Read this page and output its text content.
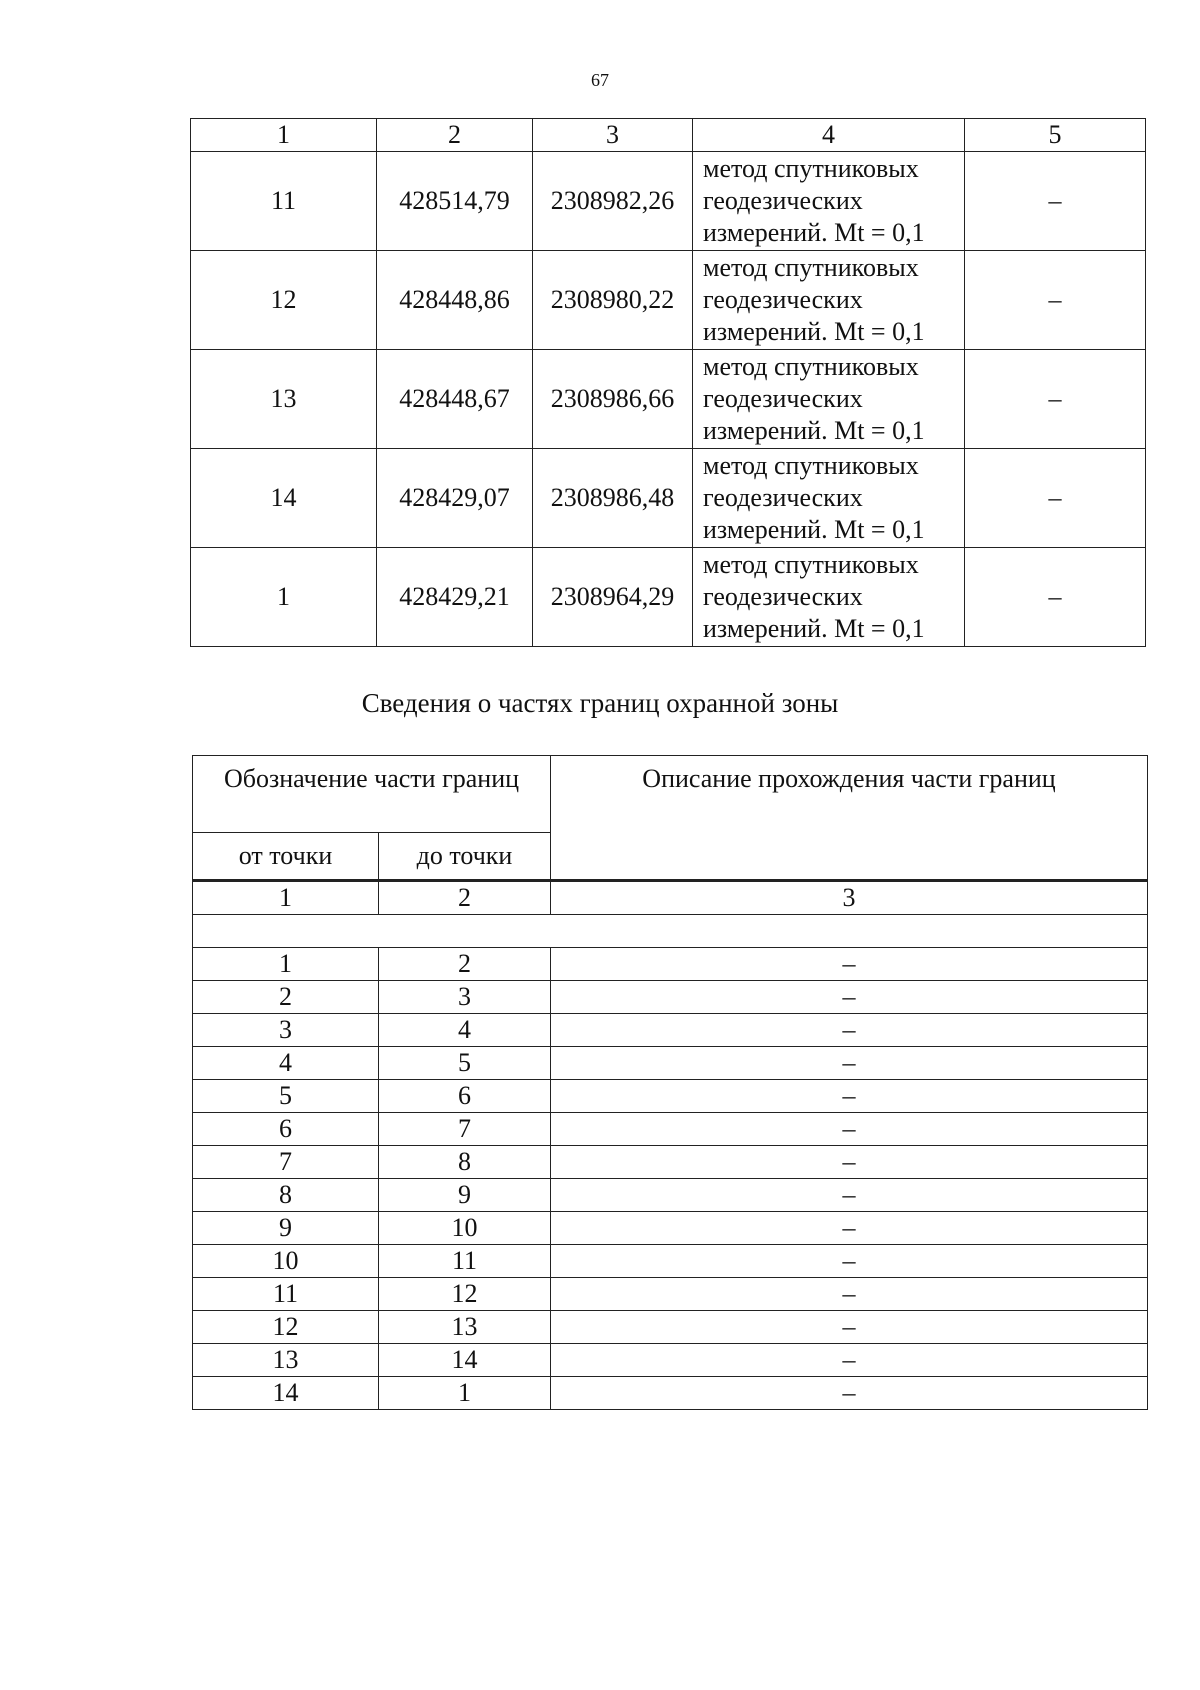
67
1	2	3	4	5
11	428514,79	2308982,26	метод спутниковых
геодезических
измерений. Mt = 0,1	–
12	428448,86	2308980,22	метод спутниковых
геодезических
измерений. Mt = 0,1	–
13	428448,67	2308986,66	метод спутниковых
геодезических
измерений. Mt = 0,1	–
14	428429,07	2308986,48	метод спутниковых
геодезических
измерений. Mt = 0,1	–
1	428429,21	2308964,29	метод спутниковых
геодезических
измерений. Mt = 0,1	–
Сведения о частях границ охранной зоны
Обозначение части границ		Описание прохождения части границ
от точки	до точки	
1	2	3

1	2	–
2	3	–
3	4	–
4	5	–
5	6	–
6	7	–
7	8	–
8	9	–
9	10	–
10	11	–
11	12	–
12	13	–
13	14	–
14	1	–
